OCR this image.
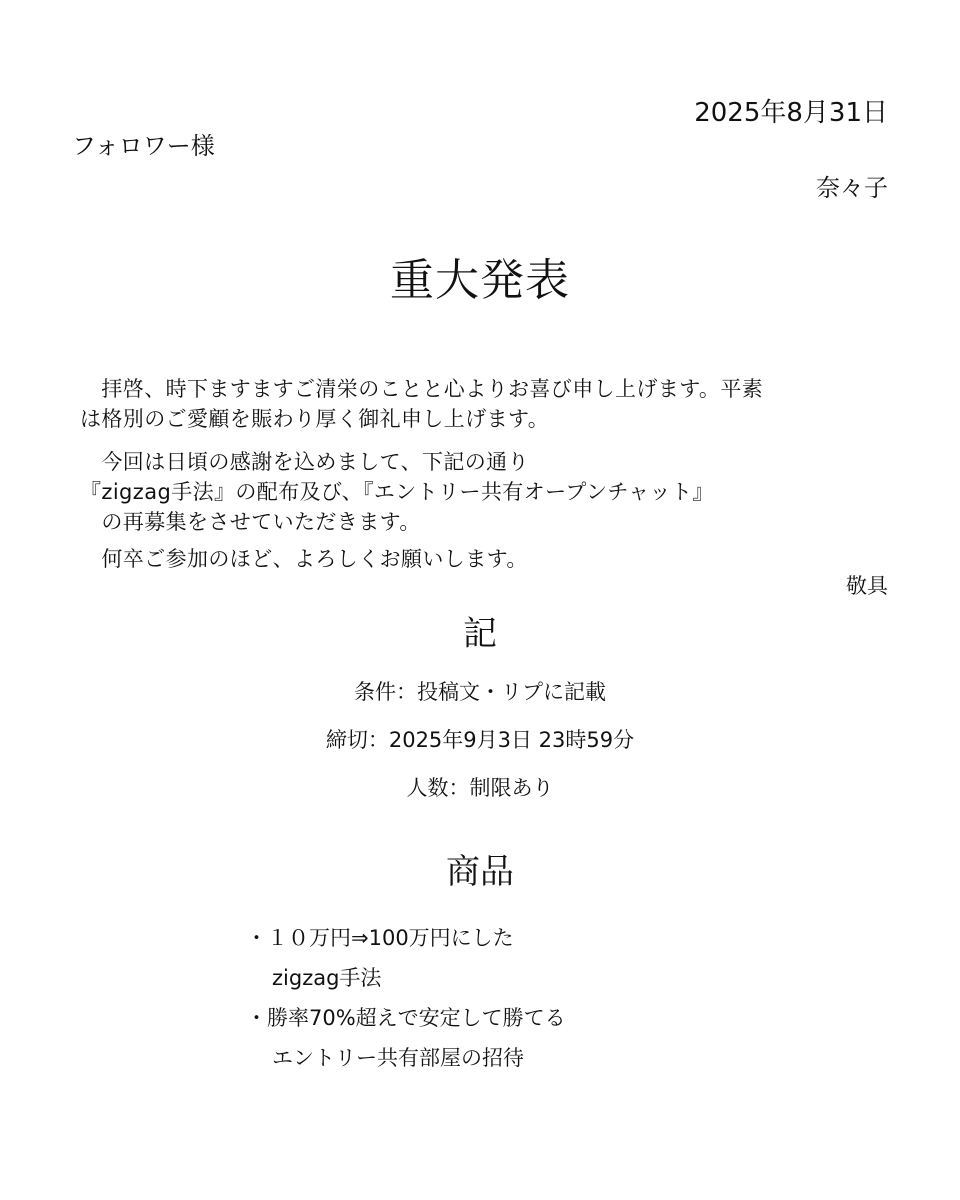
2025年8月31日
フォロワー様
奈々子
重大発表
　拝啓、時下ますますご清栄のことと心よりお喜び申し上げます。平素
は格別のご愛顧を賑わり厚く御礼申し上げます。
　今回は日頃の感謝を込めまして、下記の通り
『zigzag手法』の配布及び、『エントリー共有オープンチャット』
　の再募集をさせていただきます。
　何卒ご参加のほど、よろしくお願いします。
敬具
記
条件：投稿文・リプに記載
締切：2025年9月3日 23時59分
人数：制限あり
商品
・１０万円⇒100万円にした
zigzag手法
・勝率70%超えで安定して勝てる
エントリー共有部屋の招待
